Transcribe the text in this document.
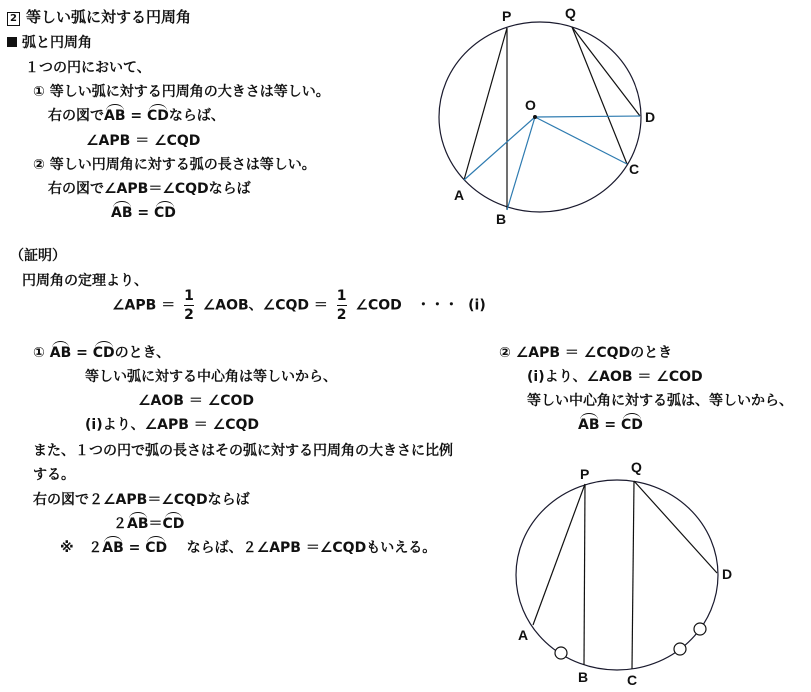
2 等しい弧に対する円周角
弧と円周角
１つの円において、
① 等しい弧に対する円周角の大きさは等しい。
右の図でAB = CDならば、
∠APB ＝ ∠CQD
② 等しい円周角に対する弧の長さは等しい。
右の図で∠APB＝∠CQDならば
AB = CD
（証明）
円周角の定理より、
∠APB ＝ $\frac{1}{2}$ ∠AOB、∠CQD ＝ $\frac{1}{2}$ ∠COD ・・・ (i)
① AB = CDのとき、
等しい弧に対する中心角は等しいから、
∠AOB ＝ ∠COD
(i)より、∠APB ＝ ∠CQD
また、１つの円で弧の長さはその弧に対する円周角の大きさに比例
する。
右の図で２∠APB＝∠CQDならば
２AB＝CD
※ ２AB = CD ならば、２∠APB ＝∠CQDもいえる。
② ∠APB ＝ ∠CQDのとき
(i)より、∠AOB ＝ ∠COD
等しい中心角に対する弧は、等しいから、
AB = CD
P	Q
O
D
C
A
B
P	Q
D
A
B	C
